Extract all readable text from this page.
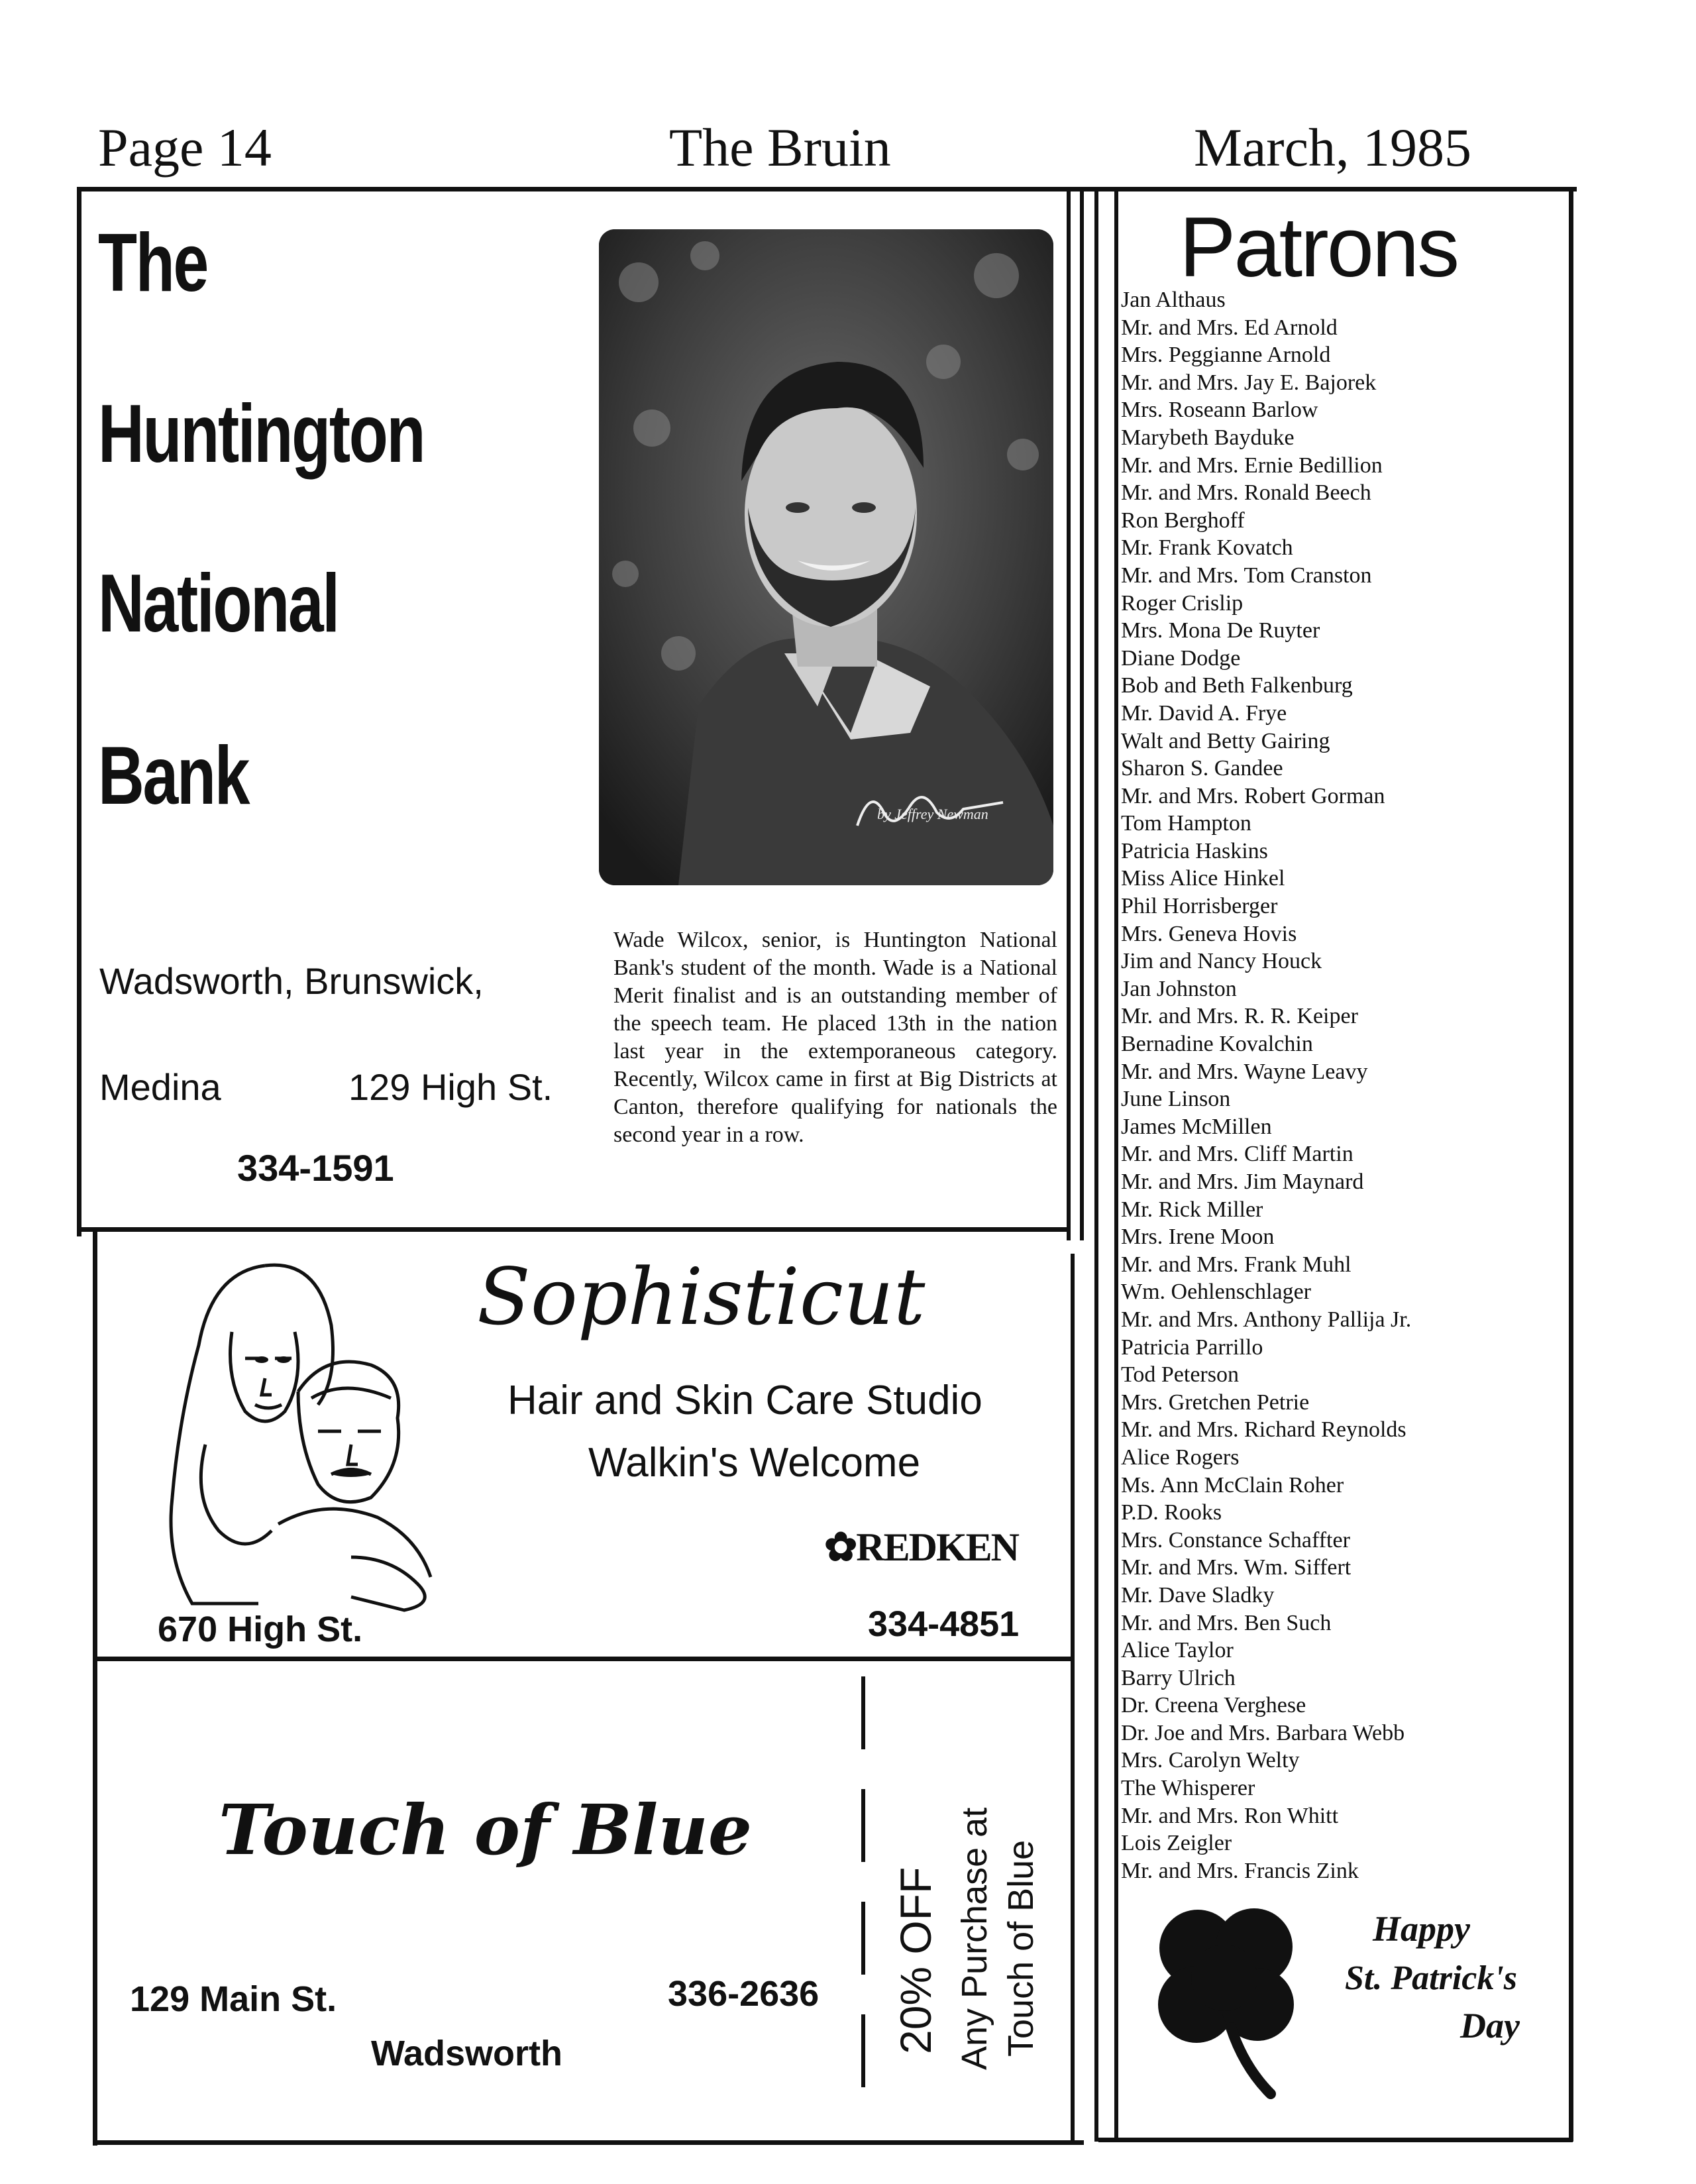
Page 14	The Bruin	March, 1985
The
Huntington
National
Bank
Wadsworth, Brunswick,
Medina	129 High St.
334-1591
by Jeffrey Newman
Wade Wilcox, senior, is Huntington National Bank's student of the month. Wade is a National Merit finalist and is an outstanding member of the speech team. He placed 13th in the nation last year in the extemporaneous category. Recently, Wilcox came in first at Big Districts at Canton, therefore qualifying for nationals the second year in a row.
Sophisticut
Hair and Skin Care Studio
Walkin's Welcome
✿REDKEN
670 High St.	334-4851
Touch of Blue
129 Main St.	336-2636
Wadsworth	20% OFF Any Purchase at Touch of Blue
Patrons
Jan Althaus
Mr. and Mrs. Ed Arnold
Mrs. Peggianne Arnold
Mr. and Mrs. Jay E. Bajorek
Mrs. Roseann Barlow
Marybeth Bayduke
Mr. and Mrs. Ernie Bedillion
Mr. and Mrs. Ronald Beech
Ron Berghoff
Mr. Frank Kovatch
Mr. and Mrs. Tom Cranston
Roger Crislip
Mrs. Mona De Ruyter
Diane Dodge
Bob and Beth Falkenburg
Mr. David A. Frye
Walt and Betty Gairing
Sharon S. Gandee
Mr. and Mrs. Robert Gorman
Tom Hampton
Patricia Haskins
Miss Alice Hinkel
Phil Horrisberger
Mrs. Geneva Hovis
Jim and Nancy Houck
Jan Johnston
Mr. and Mrs. R. R. Keiper
Bernadine Kovalchin
Mr. and Mrs. Wayne Leavy
June Linson
James McMillen
Mr. and Mrs. Cliff Martin
Mr. and Mrs. Jim Maynard
Mr. Rick Miller
Mrs. Irene Moon
Mr. and Mrs. Frank Muhl
Wm. Oehlenschlager
Mr. and Mrs. Anthony Pallija Jr.
Patricia Parrillo
Tod Peterson
Mrs. Gretchen Petrie
Mr. and Mrs. Richard Reynolds
Alice Rogers
Ms. Ann McClain Roher
P.D. Rooks
Mrs. Constance Schaffter
Mr. and Mrs. Wm. Siffert
Mr. Dave Sladky
Mr. and Mrs. Ben Such
Alice Taylor
Barry Ulrich
Dr. Creena Verghese
Dr. Joe and Mrs. Barbara Webb
Mrs. Carolyn Welty
The Whisperer
Mr. and Mrs. Ron Whitt
Lois Zeigler
Mr. and Mrs. Francis Zink
Happy
St. Patrick's
Day
